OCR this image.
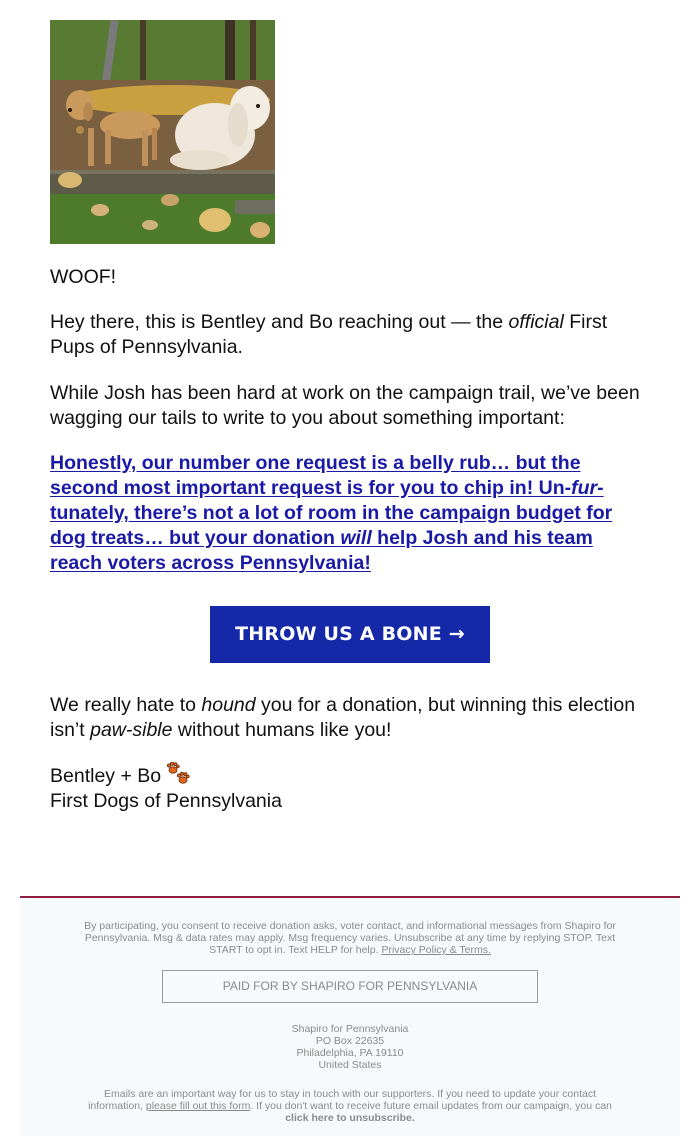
WOOF!

Hey there, this is Bentley and Bo reaching out — the official First Pups of Pennsylvania.

While Josh has been hard at work on the campaign trail, we’ve been wagging our tails to write to you about something important:

Honestly, our number one request is a belly rub… but the second most important request is for you to chip in! Un-fur-tunately, there’s not a lot of room in the campaign budget for dog treats… but your donation will help Josh and his team reach voters across Pennsylvania!
THROW US A BONE →

We really hate to hound you for a donation, but winning this election isn’t paw-sible without humans like you!

Bentley + Bo
First Dogs of Pennsylvania

By participating, you consent to receive donation asks, voter contact, and informational messages from Shapiro for Pennsylvania. Msg & data rates may apply. Msg frequency varies. Unsubscribe at any time by replying STOP. Text START to opt in. Text HELP for help. Privacy Policy & Terms.

PAID FOR BY SHAPIRO FOR PENNSYLVANIA
Shapiro for Pennsylvania
PO Box 22635
Philadelphia, PA 19110
United States

Emails are an important way for us to stay in touch with our supporters. If you need to update your contact information, please fill out this form. If you don't want to receive future email updates from our campaign, you can click here to unsubscribe.
